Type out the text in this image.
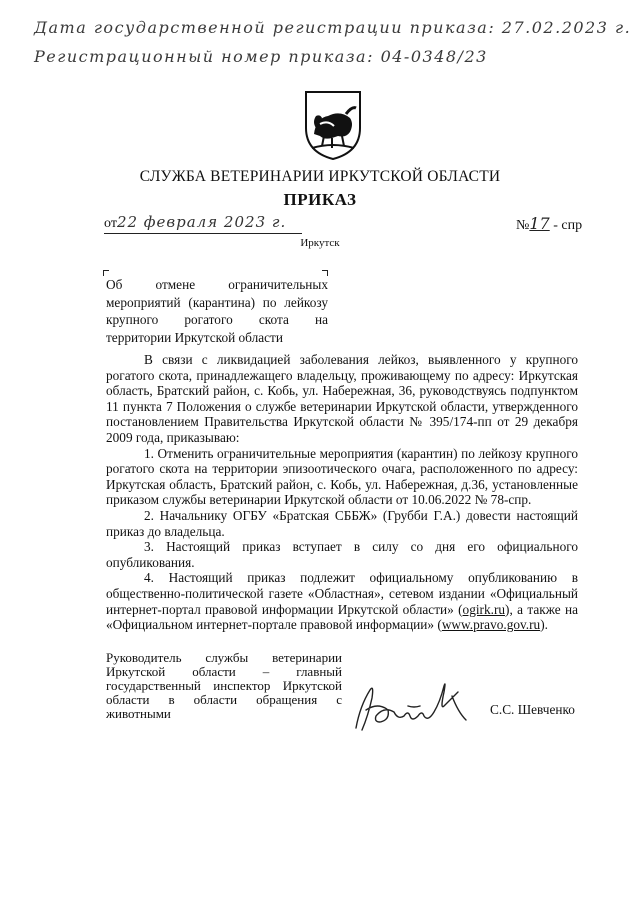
Дата государственной регистрации приказа: 27.02.2023 г.
Регистрационный номер приказа: 04-0348/23
СЛУЖБА ВЕТЕРИНАРИИ ИРКУТСКОЙ ОБЛАСТИ
ПРИКАЗ
от22 февраля 2023 г.	№17 - спр
Иркутск
Об отмене ограничительных мероприятий (карантина) по лейкозу крупного рогатого скота на территории Иркутской области

В связи с ликвидацией заболевания лейкоз, выявленного у крупного рогатого скота, принадлежащего владельцу, проживающему по адресу: Иркутская область, Братский район, с. Кобь, ул. Набережная, 36, руководствуясь подпунктом 11 пункта 7 Положения о службе ветеринарии Иркутской области, утвержденного постановлением Правительства Иркутской области № 395/174-пп от 29 декабря 2009 года, приказываю:

1. Отменить ограничительные мероприятия (карантин) по лейкозу крупного рогатого скота на территории эпизоотического очага, расположенного по адресу: Иркутская область, Братский район, с. Кобь, ул. Набережная, д.36, установленные приказом службы ветеринарии Иркутской области от 10.06.2022 № 78-спр.

2. Начальнику ОГБУ «Братская СББЖ» (Грубби Г.А.) довести настоящий приказ до владельца.

3. Настоящий приказ вступает в силу со дня его официального опубликования.

4. Настоящий приказ подлежит официальному опубликованию в общественно-политической газете «Областная», сетевом издании «Официальный интернет-портал правовой информации Иркутской области» (ogirk.ru), а также на «Официальном интернет-портале правовой информации» (www.pravo.gov.ru).

Руководитель службы ветеринарии Иркутской области – главный государственный инспектор Иркутской области в области обращения с животными	С.С. Шевченко
